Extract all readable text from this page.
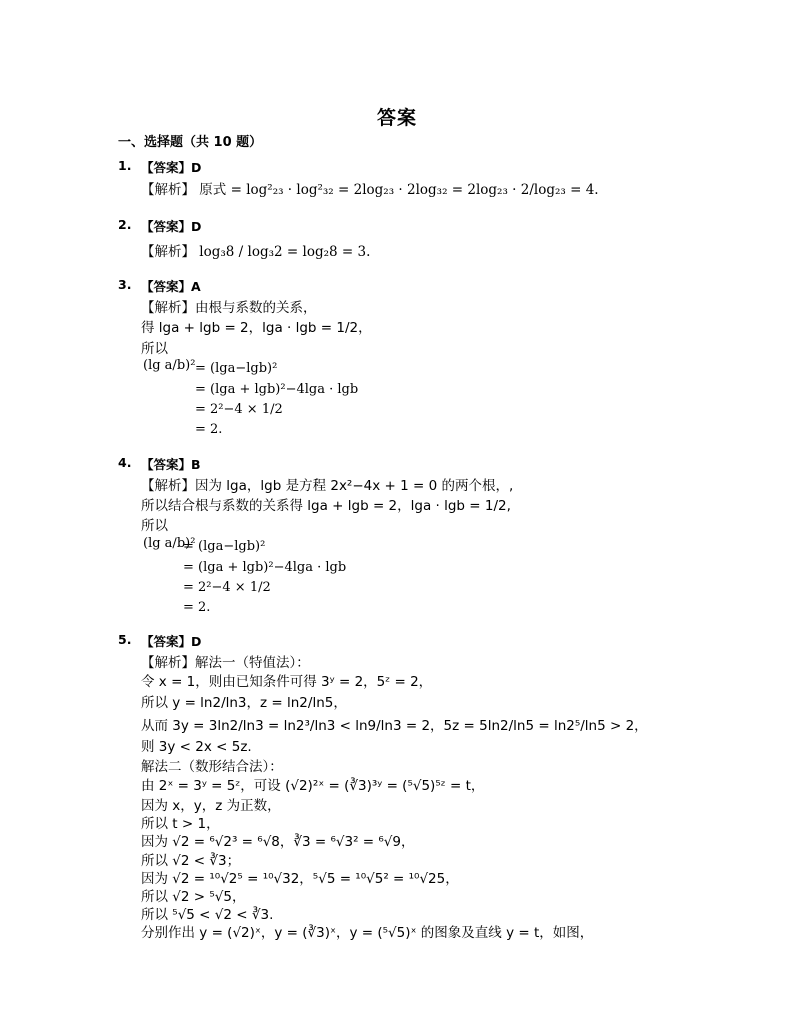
答案
一、选择题（共 10 题）
1. 【答案】D
【解析】 原式 = log²₂₃ · log²₃₂ = 2log₂₃ · 2log₃₂ = 2log₂₃ · 2/log₂₃ = 4.
2. 【答案】D
【解析】 log₃8 / log₃2 = log₂8 = 3.
3. 【答案】A
【解析】由根与系数的关系，
得 lga + lgb = 2，lga · lgb = 1/2，
所以
(lg a/b)² = (lga−lgb)²
= (lga + lgb)²−4lga · lgb
= 2²−4 × 1/2
= 2.
4. 【答案】B
【解析】因为 lga，lgb 是方程 2x²−4x + 1 = 0 的两个根，,
所以结合根与系数的关系得 lga + lgb = 2，lga · lgb = 1/2,
所以
(lg a/b)²
= (lga−lgb)²
= (lga + lgb)²−4lga · lgb
= 2²−4 × 1/2
= 2.
5. 【答案】D
【解析】解法一（特值法）：
令 x = 1，则由已知条件可得 3ʸ = 2，5ᶻ = 2，
所以 y = ln2/ln3，z = ln2/ln5，
从而 3y = 3ln2/ln3 = ln2³/ln3 < ln9/ln3 = 2，5z = 5ln2/ln5 = ln2⁵/ln5 > 2，
则 3y < 2x < 5z.
解法二（数形结合法）：
由 2ˣ = 3ʸ = 5ᶻ，可设 (√2)²ˣ = (∛3)³ʸ = (⁵√5)⁵ᶻ = t，
因为 x，y，z 为正数，
所以 t > 1，
因为 √2 = ⁶√2³ = ⁶√8，∛3 = ⁶√3² = ⁶√9，
所以 √2 < ∛3；
因为 √2 = ¹⁰√2⁵ = ¹⁰√32，⁵√5 = ¹⁰√5² = ¹⁰√25，
所以 √2 > ⁵√5，
所以 ⁵√5 < √2 < ∛3.
分别作出 y = (√2)ˣ，y = (∛3)ˣ，y = (⁵√5)ˣ 的图象及直线 y = t，如图，
